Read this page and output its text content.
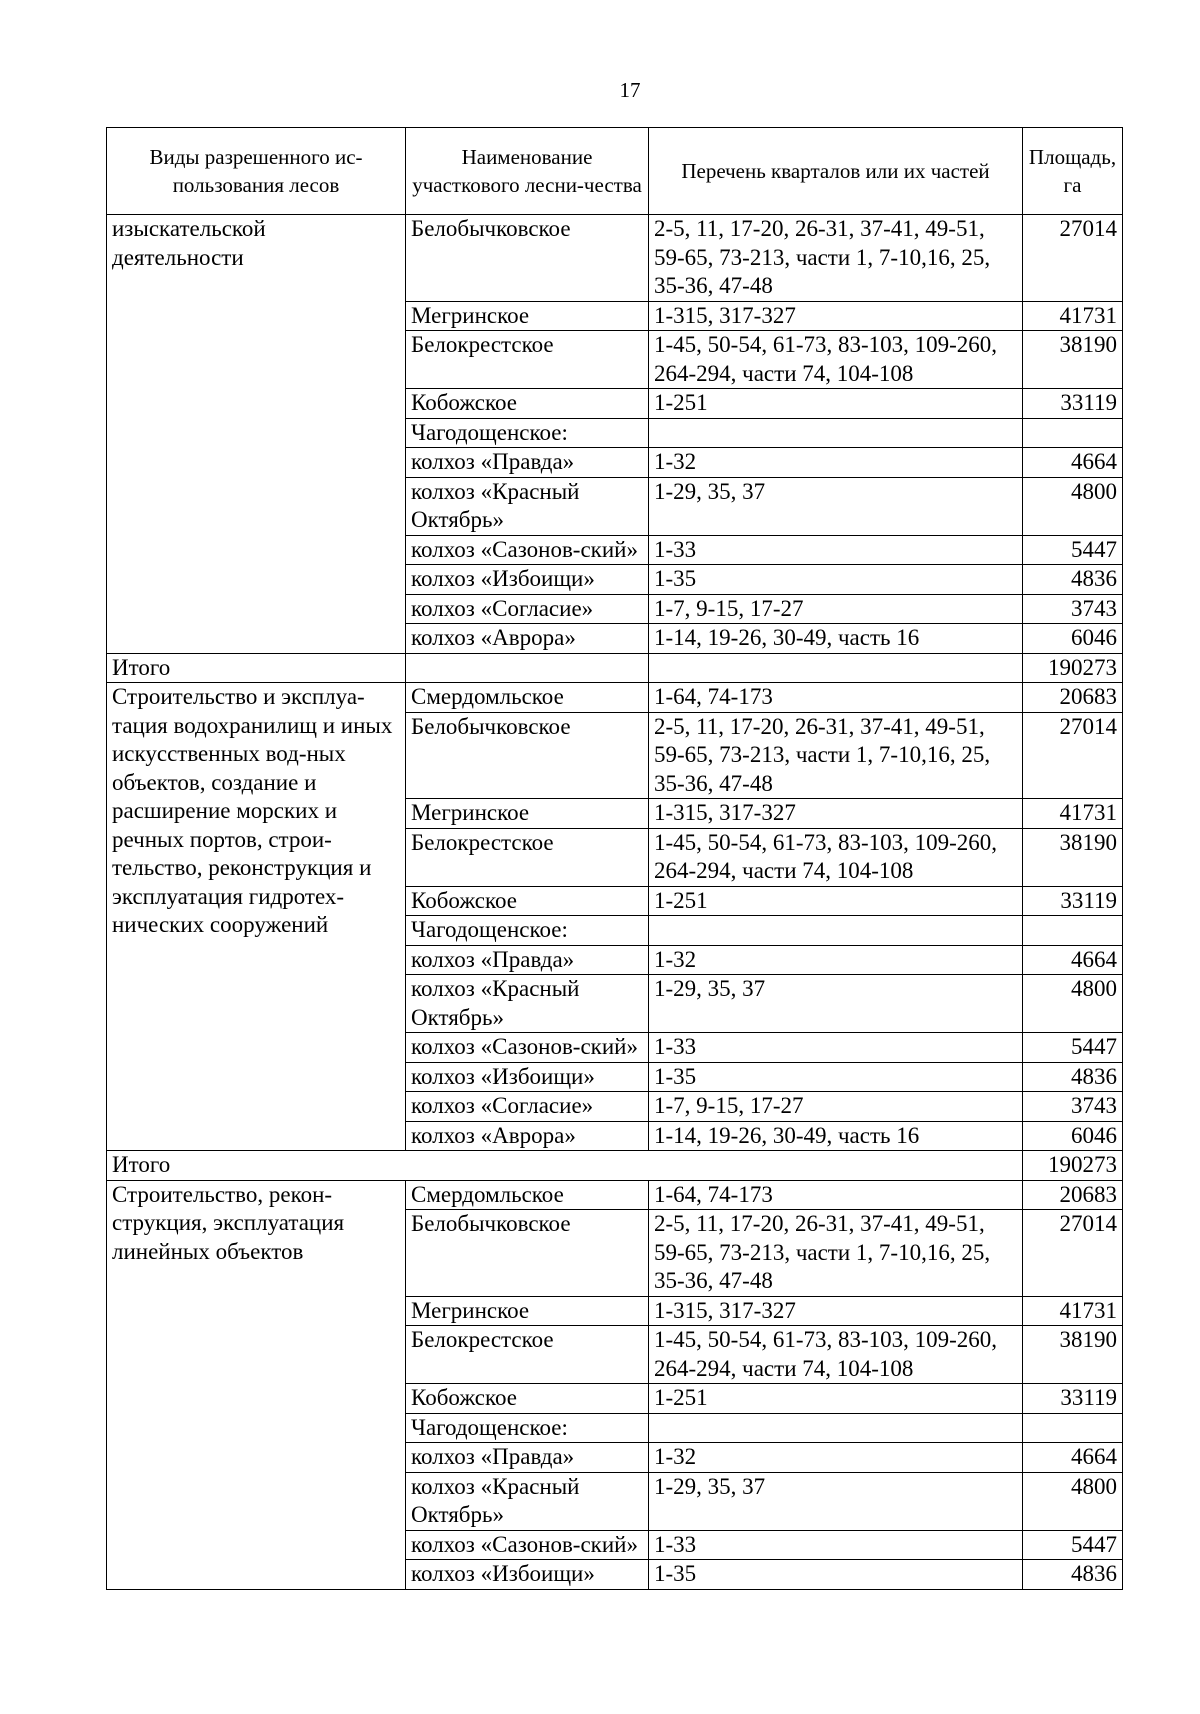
17
Виды разрешенного ис-пользования лесов	Наименование участкового лесни-чества	Перечень кварталов или их частей	Площадь, га
изыскательской деятельности	Белобычковское	2-5, 11, 17-20, 26-31, 37-41, 49-51, 59-65, 73-213, части 1, 7-10,16, 25, 35-36, 47-48	27014
	Мегринское	1-315, 317-327	41731
	Белокрестское	1-45, 50-54, 61-73, 83-103, 109-260, 264-294, части 74, 104-108	38190
	Кобожское	1-251	33119
	Чагодощенское:		
	колхоз «Правда»	1-32	4664
	колхоз «Красный Октябрь»	1-29, 35, 37	4800
	колхоз «Сазонов-ский»	1-33	5447
	колхоз «Избоищи»	1-35	4836
	колхоз «Согласие»	1-7, 9-15, 17-27	3743
	колхоз «Аврора»	1-14, 19-26, 30-49, часть 16	6046
Итого			190273
Строительство и эксплуа-тация водохранилищ и иных искусственных вод-ных объектов, создание и расширение морских и речных портов, строи-тельство, реконструкция и эксплуатация гидротех-нических сооружений	Смердомльское	1-64, 74-173	20683
	Белобычковское	2-5, 11, 17-20, 26-31, 37-41, 49-51, 59-65, 73-213, части 1, 7-10,16, 25, 35-36, 47-48	27014
	Мегринское	1-315, 317-327	41731
	Белокрестское	1-45, 50-54, 61-73, 83-103, 109-260, 264-294, части 74, 104-108	38190
	Кобожское	1-251	33119
	Чагодощенское:		
	колхоз «Правда»	1-32	4664
	колхоз «Красный Октябрь»	1-29, 35, 37	4800
	колхоз «Сазонов-ский»	1-33	5447
	колхоз «Избоищи»	1-35	4836
	колхоз «Согласие»	1-7, 9-15, 17-27	3743
	колхоз «Аврора»	1-14, 19-26, 30-49, часть 16	6046
Итого			190273
Строительство, рекон-струкция, эксплуатация линейных объектов	Смердомльское	1-64, 74-173	20683
	Белобычковское	2-5, 11, 17-20, 26-31, 37-41, 49-51, 59-65, 73-213, части 1, 7-10,16, 25, 35-36, 47-48	27014
	Мегринское	1-315, 317-327	41731
	Белокрестское	1-45, 50-54, 61-73, 83-103, 109-260, 264-294, части 74, 104-108	38190
	Кобожское	1-251	33119
	Чагодощенское:		
	колхоз «Правда»	1-32	4664
	колхоз «Красный Октябрь»	1-29, 35, 37	4800
	колхоз «Сазонов-ский»	1-33	5447
	колхоз «Избоищи»	1-35	4836
